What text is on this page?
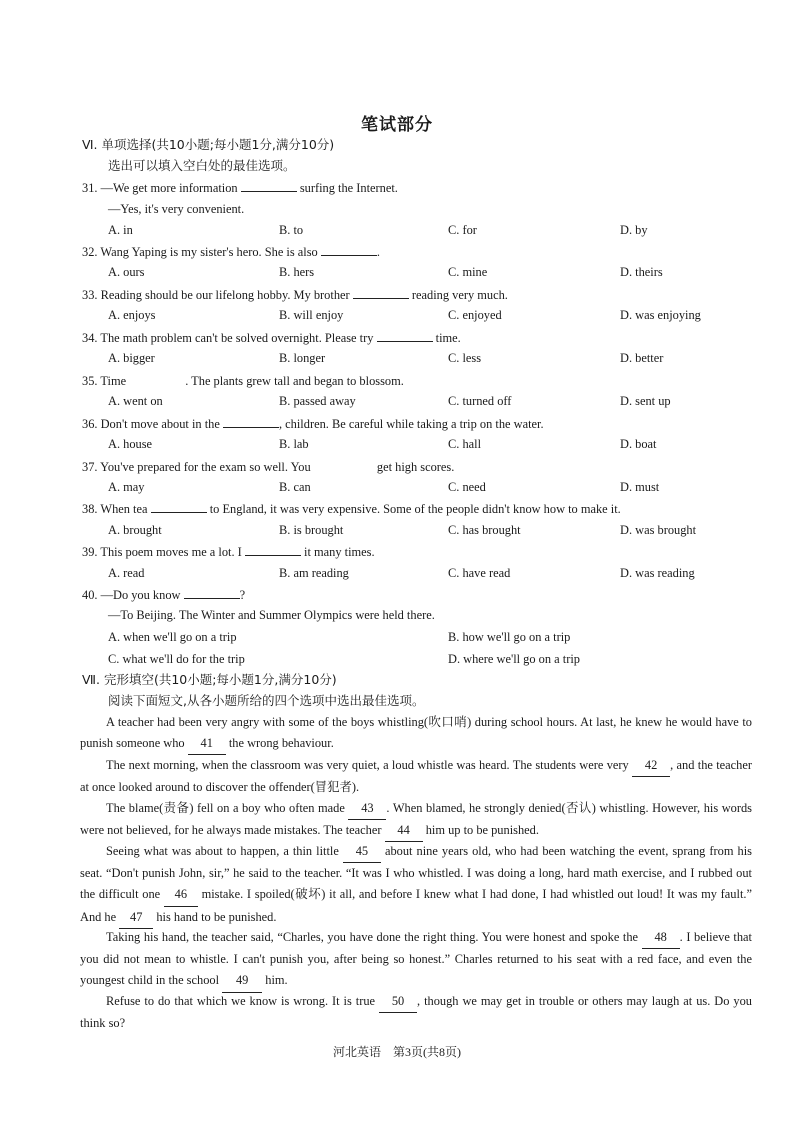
笔试部分
Ⅵ. 单项选择(共10小题;每小题1分,满分10分)
选出可以填入空白处的最佳选项。
31. —We get more information	surfing the Internet.
—Yes, it's very convenient.
A. in	B. to	C. for	D. by
32. Wang Yaping is my sister's hero. She is also	.
A. ours	B. hers	C. mine	D. theirs
33. Reading should be our lifelong hobby. My brother	reading very much.
A. enjoys	B. will enjoy	C. enjoyed	D. was enjoying
34. The math problem can't be solved overnight. Please try	time.
A. bigger	B. longer	C. less	D. better
35. Time	. The plants grew tall and began to blossom.
A. went on	B. passed away	C. turned off	D. sent up
36. Don't move about in the	, children. Be careful while taking a trip on the water.
A. house	B. lab	C. hall	D. boat
37. You've prepared for the exam so well. You	get high scores.
A. may	B. can	C. need	D. must
38. When tea	to England, it was very expensive. Some of the people didn't know how to make it.
A. brought	B. is brought	C. has brought	D. was brought
39. This poem moves me a lot. I	it many times.
A. read	B. am reading	C. have read	D. was reading
40. —Do you know	?
—To Beijing. The Winter and Summer Olympics were held there.
A. when we'll go on a trip	B. how we'll go on a trip
C. what we'll do for the trip	D. where we'll go on a trip
Ⅶ. 完形填空(共10小题;每小题1分,满分10分)
阅读下面短文,从各小题所给的四个选项中选出最佳选项。
A teacher had been very angry with some of the boys whistling(吹口哨) during school hours. At last, he knew he would have to punish someone who 41 the wrong behaviour.
The next morning, when the classroom was very quiet, a loud whistle was heard. The students were very 42 , and the teacher at once looked around to discover the offender(冒犯者).
The blame(责备) fell on a boy who often made 43 . When blamed, he strongly denied(否认) whistling. However, his words were not believed, for he always made mistakes. The teacher 44 him up to be punished.
Seeing what was about to happen, a thin little 45 about nine years old, who had been watching the event, sprang from his seat. “Don't punish John, sir,” he said to the teacher. “It was I who whistled. I was doing a long, hard math exercise, and I rubbed out the difficult one 46 mistake. I spoiled(破坏) it all, and before I knew what I had done, I had whistled out loud! It was my fault.” And he 47 his hand to be punished.
Taking his hand, the teacher said, “Charles, you have done the right thing. You were honest and spoke the 48 . I believe that you did not mean to whistle. I can't punish you, after being so honest.” Charles returned to his seat with a red face, and even the youngest child in the school 49 him.
Refuse to do that which we know is wrong. It is true 50 , though we may get in trouble or others may laugh at us. Do you think so?
河北英语　第3页(共8页)
